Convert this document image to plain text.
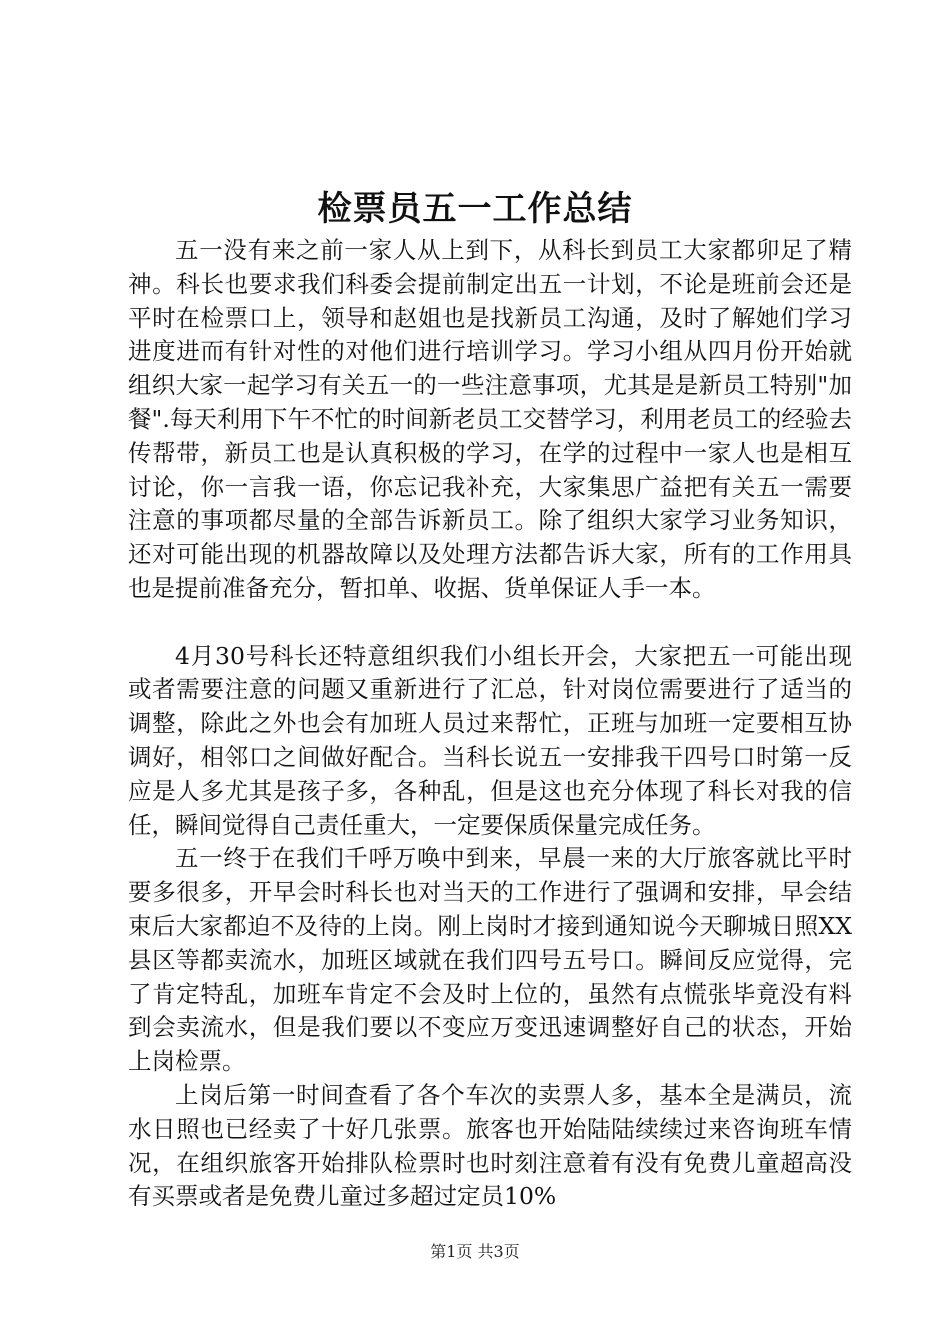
检票员五一工作总结

五一没有来之前一家人从上到下，从科长到员工大家都卯足了精神。科长也要求我们科委会提前制定出五一计划，不论是班前会还是平时在检票口上，领导和赵姐也是找新员工沟通，及时了解她们学习进度进而有针对性的对他们进行培训学习。学习小组从四月份开始就组织大家一起学习有关五一的一些注意事项，尤其是是新员工特别"加餐".每天利用下午不忙的时间新老员工交替学习，利用老员工的经验去传帮带，新员工也是认真积极的学习，在学的过程中一家人也是相互讨论，你一言我一语，你忘记我补充，大家集思广益把有关五一需要注意的事项都尽量的全部告诉新员工。除了组织大家学习业务知识，还对可能出现的机器故障以及处理方法都告诉大家，所有的工作用具也是提前准备充分，暂扣单、收据、货单保证人手一本。

4月30号科长还特意组织我们小组长开会，大家把五一可能出现或者需要注意的问题又重新进行了汇总，针对岗位需要进行了适当的调整，除此之外也会有加班人员过来帮忙，正班与加班一定要相互协调好，相邻口之间做好配合。当科长说五一安排我干四号口时第一反应是人多尤其是孩子多，各种乱，但是这也充分体现了科长对我的信任，瞬间觉得自己责任重大，一定要保质保量完成任务。

五一终于在我们千呼万唤中到来，早晨一来的大厅旅客就比平时要多很多，开早会时科长也对当天的工作进行了强调和安排，早会结束后大家都迫不及待的上岗。刚上岗时才接到通知说今天聊城日照XX县区等都卖流水，加班区域就在我们四号五号口。瞬间反应觉得，完了肯定特乱，加班车肯定不会及时上位的，虽然有点慌张毕竟没有料到会卖流水，但是我们要以不变应万变迅速调整好自己的状态，开始上岗检票。

上岗后第一时间查看了各个车次的卖票人多，基本全是满员，流水日照也已经卖了十好几张票。旅客也开始陆陆续续过来咨询班车情况，在组织旅客开始排队检票时也时刻注意着有没有免费儿童超高没有买票或者是免费儿童过多超过定员10%

第1页 共3页
